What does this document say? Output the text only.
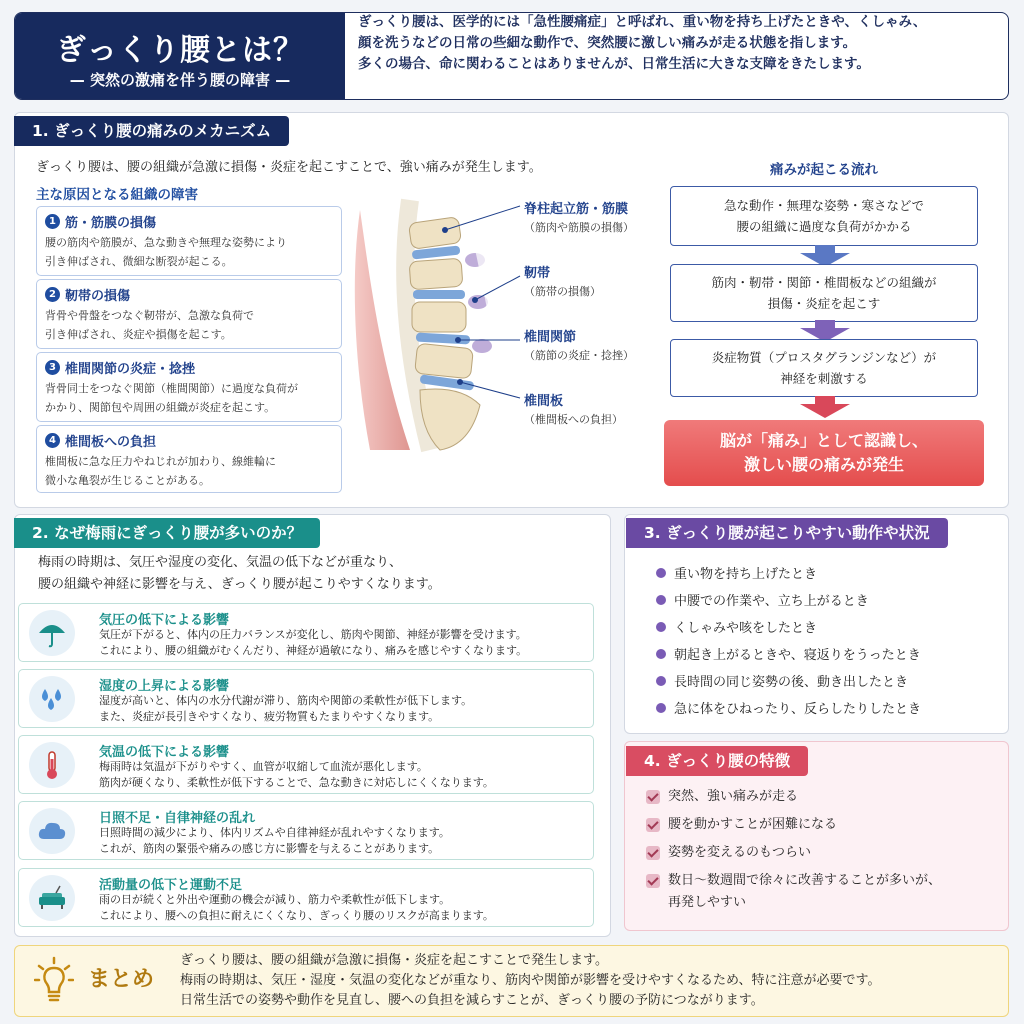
ぎっくり腰とは？
— 突然の激痛を伴う腰の障害 —
ぎっくり腰は、医学的には「急性腰痛症」と呼ばれ、重い物を持ち上げたときや、くしゃみ、
顔を洗うなどの日常の些細な動作で、突然腰に激しい痛みが走る状態を指します。
多くの場合、命に関わることはありませんが、日常生活に大きな支障をきたします。
1. ぎっくり腰の痛みのメカニズム
ぎっくり腰は、腰の組織が急激に損傷・炎症を起こすことで、強い痛みが発生します。
主な原因となる組織の障害
1 筋・筋膜の損傷
腰の筋肉や筋膜が、急な動きや無理な姿勢により
引き伸ばされ、微細な断裂が起こる。
2 靭帯の損傷
背骨や骨盤をつなぐ靭帯が、急激な負荷で
引き伸ばされ、炎症や損傷を起こす。
3 椎間関節の炎症・捻挫
背骨同士をつなぐ関節（椎間関節）に過度な負荷が
かかり、関節包や周囲の組織が炎症を起こす。
4 椎間板への負担
椎間板に急な圧力やねじれが加わり、線維輪に
微小な亀裂が生じることがある。
脊柱起立筋・筋膜
（筋肉や筋膜の損傷）
靭帯
（筋帯の損傷）
椎間関節
（筋節の炎症・捻挫）
椎間板
（椎間板への負担）
痛みが起こる流れ
急な動作・無理な姿勢・寒さなどで
腰の組織に過度な負荷がかかる
筋肉・靭帯・関節・椎間板などの組織が
損傷・炎症を起こす
炎症物質（プロスタグランジンなど）が
神経を刺激する
脳が「痛み」として認識し、
激しい腰の痛みが発生
2. なぜ梅雨にぎっくり腰が多いのか？
梅雨の時期は、気圧や湿度の変化、気温の低下などが重なり、
腰の組織や神経に影響を与え、ぎっくり腰が起こりやすくなります。
気圧の低下による影響
気圧が下がると、体内の圧力バランスが変化し、筋肉や関節、神経が影響を受けます。
これにより、腰の組織がむくんだり、神経が過敏になり、痛みを感じやすくなります。
湿度の上昇による影響
湿度が高いと、体内の水分代謝が滞り、筋肉や関節の柔軟性が低下します。
また、炎症が長引きやすくなり、疲労物質もたまりやすくなります。
気温の低下による影響
梅雨時は気温が下がりやすく、血管が収縮して血流が悪化します。
筋肉が硬くなり、柔軟性が低下することで、急な動きに対応しにくくなります。
日照不足・自律神経の乱れ
日照時間の減少により、体内リズムや自律神経が乱れやすくなります。
これが、筋肉の緊張や痛みの感じ方に影響を与えることがあります。
活動量の低下と運動不足
雨の日が続くと外出や運動の機会が減り、筋力や柔軟性が低下します。
これにより、腰への負担に耐えにくくなり、ぎっくり腰のリスクが高まります。
3. ぎっくり腰が起こりやすい動作や状況
重い物を持ち上げたとき
中腰での作業や、立ち上がるとき
くしゃみや咳をしたとき
朝起き上がるときや、寝返りをうったとき
長時間の同じ姿勢の後、動き出したとき
急に体をひねったり、反らしたりしたとき
4. ぎっくり腰の特徴
突然、強い痛みが走る
腰を動かすことが困難になる
姿勢を変えるのもつらい
数日〜数週間で徐々に改善することが多いが、
再発しやすい
まとめ
ぎっくり腰は、腰の組織が急激に損傷・炎症を起こすことで発生します。
梅雨の時期は、気圧・湿度・気温の変化などが重なり、筋肉や関節が影響を受けやすくなるため、特に注意が必要です。
日常生活での姿勢や動作を見直し、腰への負担を減らすことが、ぎっくり腰の予防につながります。
